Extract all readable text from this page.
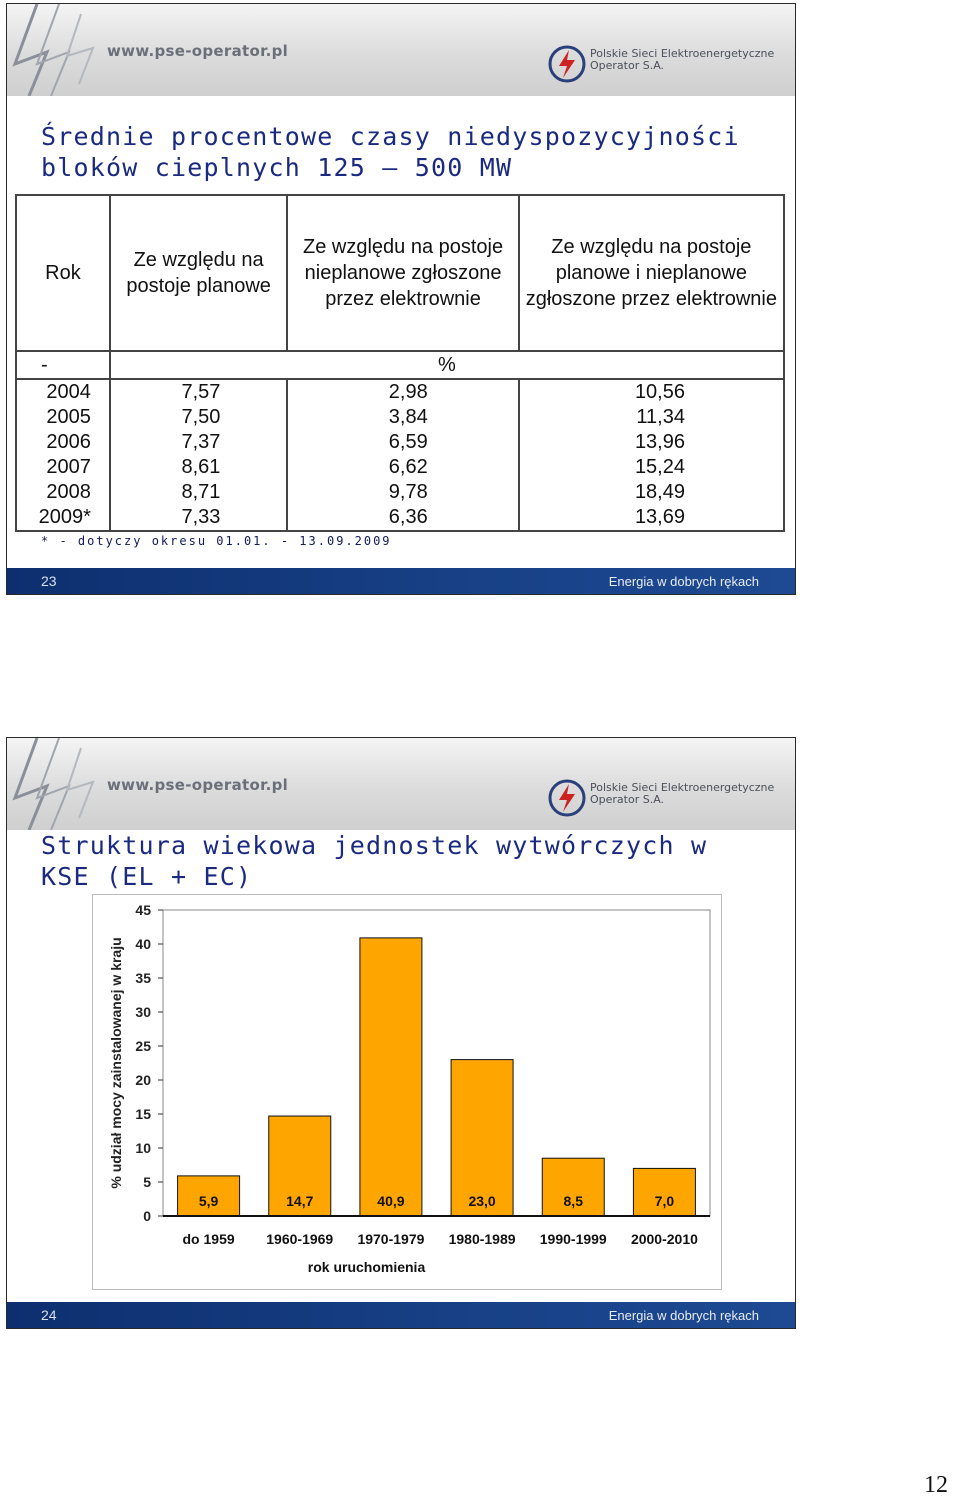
www.pse-operator.pl	Polskie Sieci Elektroenergetyczne
Operator S.A.
Średnie procentowe czasy niedyspozycyjności
bloków cieplnych 125 – 500 MW
Rok	Ze względu na postoje planowe	Ze względu na postoje nieplanowe zgłoszone przez elektrownie	Ze względu na postoje planowe i nieplanowe zgłoszone przez elektrownie
-	%		
2004	7,57	2,98	10,56
2005	7,50	3,84	11,34
2006	7,37	6,59	13,96
2007	8,61	6,62	15,24
2008	8,71	9,78	18,49
2009*	7,33	6,36	13,69
* - dotyczy okresu 01.01. - 13.09.2009
23	Energia w dobrych rękach
www.pse-operator.pl	Polskie Sieci Elektroenergetyczne
Operator S.A.
Struktura wiekowa jednostek wytwórczych w
KSE (EL + EC)
0
5
10
15
20
25
30
35
40
45
% udział mocy zainstalowanej w kraju
5,9
do 1959
14,7
1960-1969
40,9
1970-1979
23,0
1980-1989
8,5
1990-1999
7,0
2000-2010
rok uruchomienia
24	Energia w dobrych rękach
12
